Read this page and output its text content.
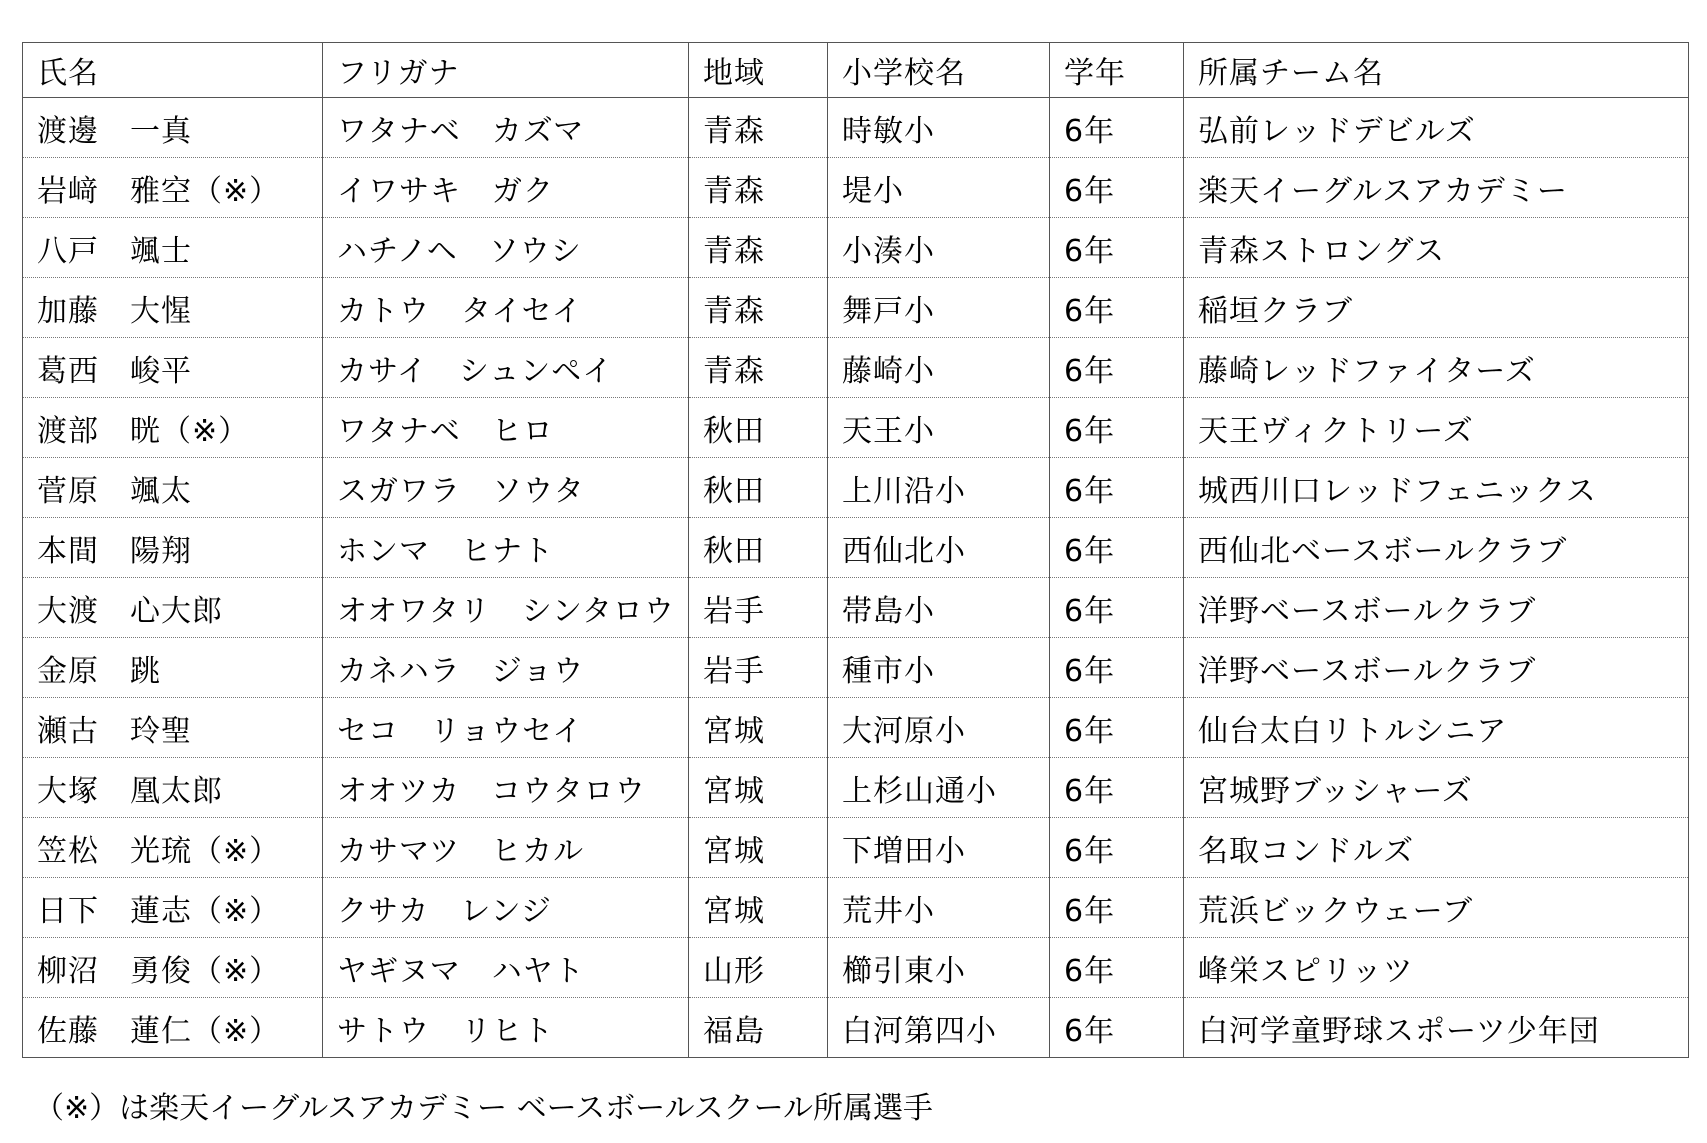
氏名	フリガナ	地域	小学校名	学年	所属チーム名
渡邊　一真	ワタナベ　カズマ	青森	時敏小	6年	弘前レッドデビルズ
岩﨑　雅空（※）	イワサキ　ガク	青森	堤小	6年	楽天イーグルスアカデミー
八戸　颯士	ハチノヘ　ソウシ	青森	小湊小	6年	青森ストロングス
加藤　大惺	カトウ　タイセイ	青森	舞戸小	6年	稲垣クラブ
葛西　峻平	カサイ　シュンペイ	青森	藤崎小	6年	藤崎レッドファイターズ
渡部　晄（※）	ワタナベ　ヒロ	秋田	天王小	6年	天王ヴィクトリーズ
菅原　颯太	スガワラ　ソウタ	秋田	上川沿小	6年	城西川口レッドフェニックス
本間　陽翔	ホンマ　ヒナト	秋田	西仙北小	6年	西仙北ベースボールクラブ
大渡　心大郎	オオワタリ　シンタロウ	岩手	帯島小	6年	洋野ベースボールクラブ
金原　跳	カネハラ　ジョウ	岩手	種市小	6年	洋野ベースボールクラブ
瀬古　玲聖	セコ　リョウセイ	宮城	大河原小	6年	仙台太白リトルシニア
大塚　凰太郎	オオツカ　コウタロウ	宮城	上杉山通小	6年	宮城野ブッシャーズ
笠松　光琉（※）	カサマツ　ヒカル	宮城	下増田小	6年	名取コンドルズ
日下　蓮志（※）	クサカ　レンジ	宮城	荒井小	6年	荒浜ビックウェーブ
柳沼　勇俊（※）	ヤギヌマ　ハヤト	山形	櫛引東小	6年	峰栄スピリッツ
佐藤　蓮仁（※）	サトウ　リヒト	福島	白河第四小	6年	白河学童野球スポーツ少年団
（※）は楽天イーグルスアカデミー ベースボールスクール所属選手
